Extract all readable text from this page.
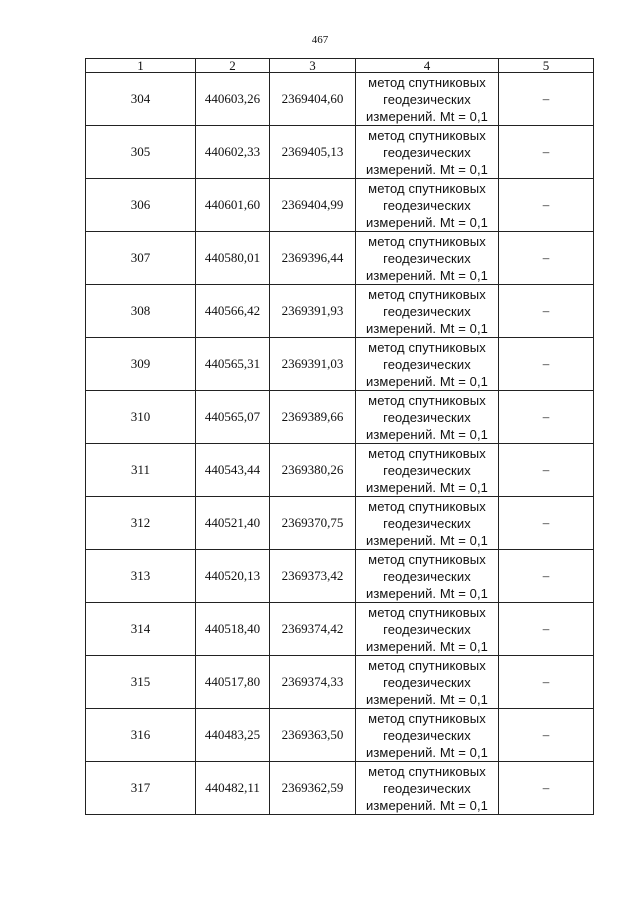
467
1	2	3	4	5
304	440603,26	2369404,60	метод спутниковых
геодезических
измерений. Mt = 0,1	–
305	440602,33	2369405,13	метод спутниковых
геодезических
измерений. Mt = 0,1	–
306	440601,60	2369404,99	метод спутниковых
геодезических
измерений. Mt = 0,1	–
307	440580,01	2369396,44	метод спутниковых
геодезических
измерений. Mt = 0,1	–
308	440566,42	2369391,93	метод спутниковых
геодезических
измерений. Mt = 0,1	–
309	440565,31	2369391,03	метод спутниковых
геодезических
измерений. Mt = 0,1	–
310	440565,07	2369389,66	метод спутниковых
геодезических
измерений. Mt = 0,1	–
311	440543,44	2369380,26	метод спутниковых
геодезических
измерений. Mt = 0,1	–
312	440521,40	2369370,75	метод спутниковых
геодезических
измерений. Mt = 0,1	–
313	440520,13	2369373,42	метод спутниковых
геодезических
измерений. Mt = 0,1	–
314	440518,40	2369374,42	метод спутниковых
геодезических
измерений. Mt = 0,1	–
315	440517,80	2369374,33	метод спутниковых
геодезических
измерений. Mt = 0,1	–
316	440483,25	2369363,50	метод спутниковых
геодезических
измерений. Mt = 0,1	–
317	440482,11	2369362,59	метод спутниковых
геодезических
измерений. Mt = 0,1	–
